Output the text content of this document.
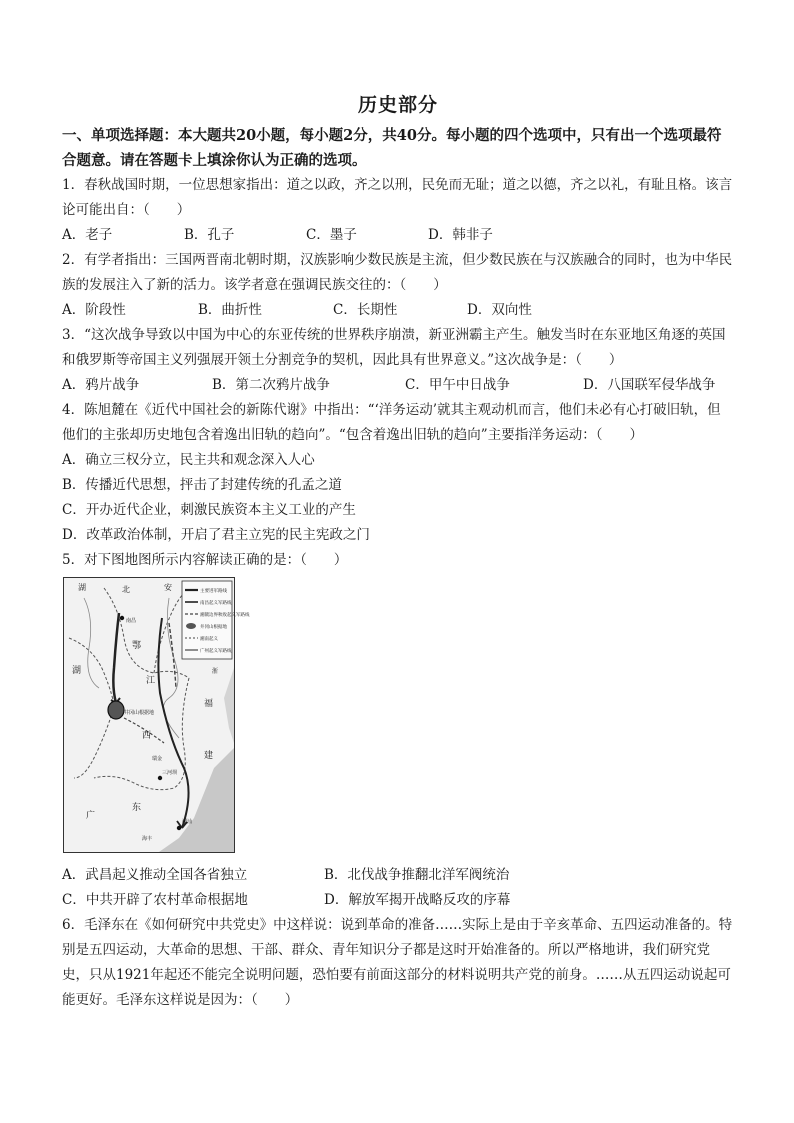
历史部分

一、单项选择题：本大题共20小题，每小题2分，共40分。每小题的四个选项中，只有出一个选项最符合题意。请在答题卡上填涂你认为正确的选项。

1．春秋战国时期，一位思想家指出：道之以政，齐之以刑，民免而无耻；道之以德，齐之以礼，有耻且格。该言论可能出自：（　　）

A．老子	B．孔子	C．墨子	D．韩非子

2．有学者指出：三国两晋南北朝时期，汉族影响少数民族是主流，但少数民族在与汉族融合的同时，也为中华民族的发展注入了新的活力。该学者意在强调民族交往的：（　　）

A．阶段性	B．曲折性	C．长期性	D．双向性

3．“这次战争导致以中国为中心的东亚传统的世界秩序崩溃，新亚洲霸主产生。触发当时在东亚地区角逐的英国和俄罗斯等帝国主义列强展开领土分割竞争的契机，因此具有世界意义。”这次战争是：（　　）

A．鸦片战争	B．第二次鸦片战争	C．甲午中日战争	D．八国联军侵华战争

4．陈旭麓在《近代中国社会的新陈代谢》中指出：“‘洋务运动’就其主观动机而言，他们未必有心打破旧轨，但他们的主张却历史地包含着逸出旧轨的趋向”。“包含着逸出旧轨的趋向”主要指洋务运动：（　　）

A．确立三权分立，民主共和观念深入人心

B．传播近代思想，抨击了封建传统的孔孟之道

C．开办近代企业，刺激民族资本主义工业的产生

D．改革政治体制，开启了君主立宪的民主宪政之门

5．对下图地图所示内容解读正确的是：（　　）

主要进军路线
南昌起义军路线
湘赣边界秋收起义军路线
井冈山根据地
湘南起义
广州起义军路线
湖	北	安
鄂
江
湖
西
福
建
广
东
浙
三河坝
井冈山根据地
瑞金
南昌
潮汕
海丰
A．武昌起义推动全国各省独立	B．北伐战争推翻北洋军阀统治
C．中共开辟了农村革命根据地	D．解放军揭开战略反攻的序幕

6．毛泽东在《如何研究中共党史》中这样说：说到革命的准备……实际上是由于辛亥革命、五四运动准备的。特别是五四运动，大革命的思想、干部、群众、青年知识分子都是这时开始准备的。所以严格地讲，我们研究党史，只从1921年起还不能完全说明问题，恐怕要有前面这部分的材料说明共产党的前身。……从五四运动说起可能更好。毛泽东这样说是因为：（　　）
